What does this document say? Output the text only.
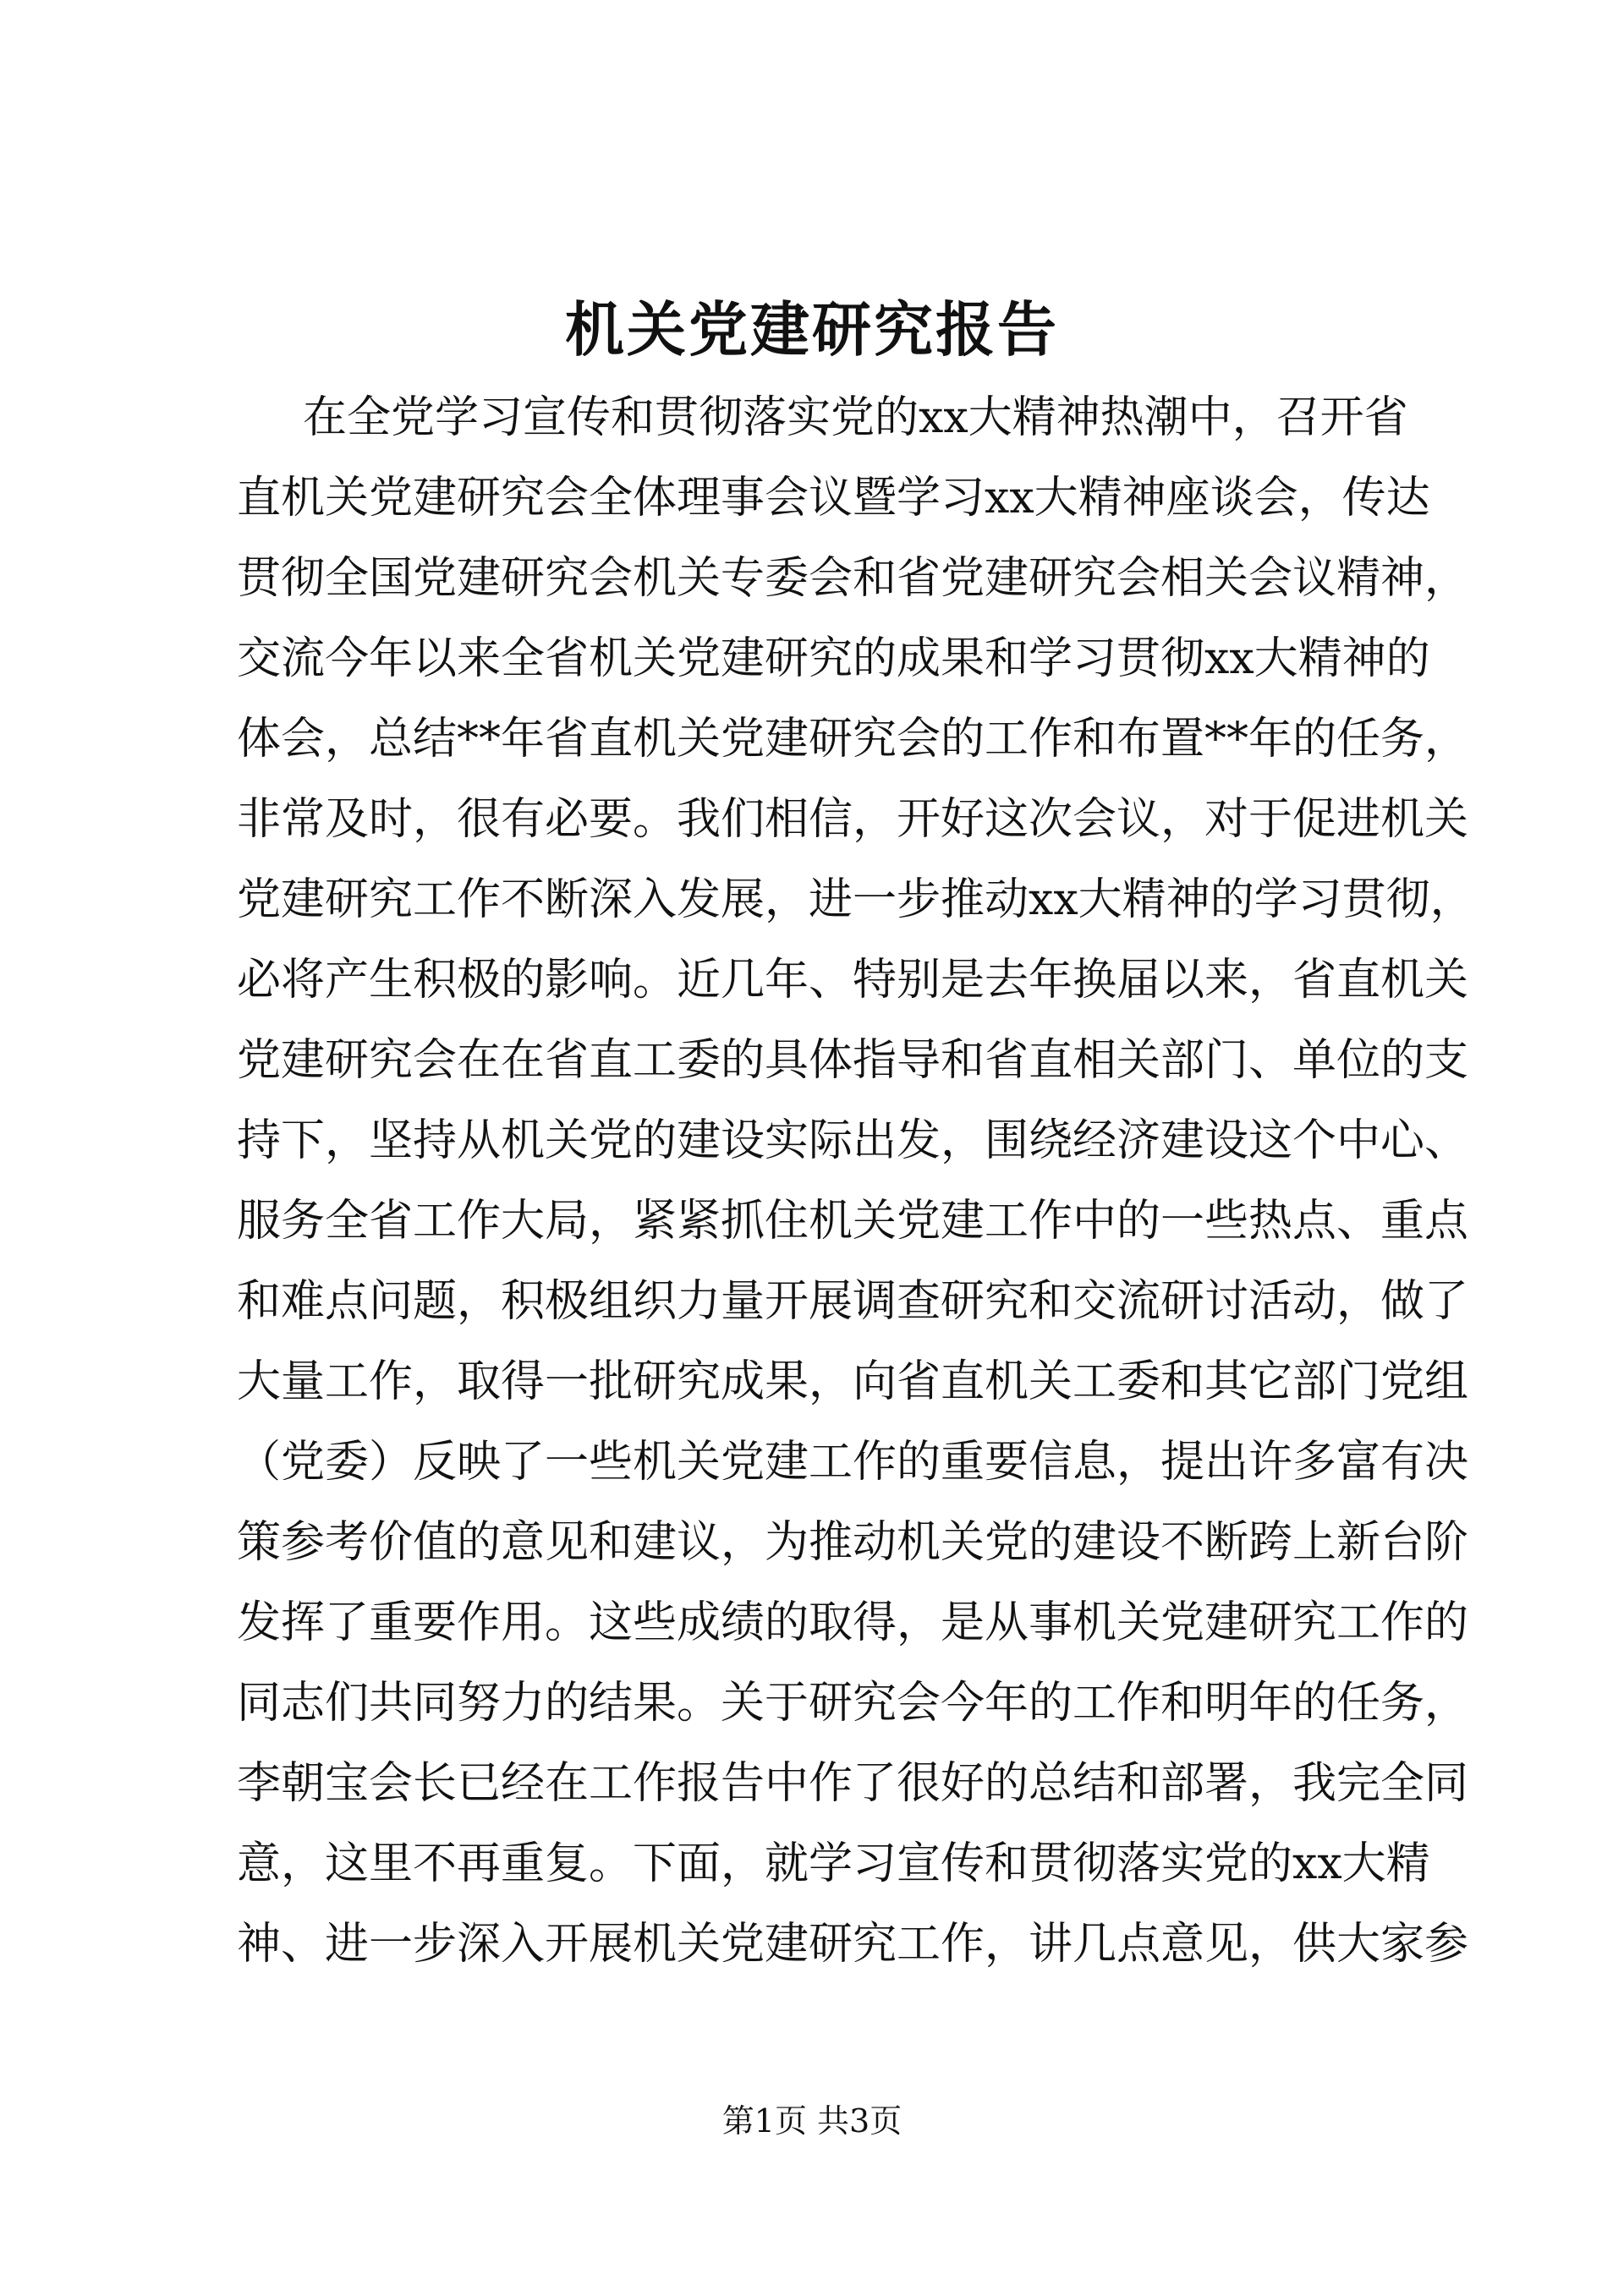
机关党建研究报告
在全党学习宣传和贯彻落实党的xx大精神热潮中，召开省
直机关党建研究会全体理事会议暨学习xx大精神座谈会，传达
贯彻全国党建研究会机关专委会和省党建研究会相关会议精神，
交流今年以来全省机关党建研究的成果和学习贯彻xx大精神的
体会，总结**年省直机关党建研究会的工作和布置**年的任务，
非常及时，很有必要。我们相信，开好这次会议，对于促进机关
党建研究工作不断深入发展，进一步推动xx大精神的学习贯彻，
必将产生积极的影响。近几年、特别是去年换届以来，省直机关
党建研究会在在省直工委的具体指导和省直相关部门、单位的支
持下，坚持从机关党的建设实际出发，围绕经济建设这个中心、
服务全省工作大局，紧紧抓住机关党建工作中的一些热点、重点
和难点问题，积极组织力量开展调查研究和交流研讨活动，做了
大量工作，取得一批研究成果，向省直机关工委和其它部门党组
（党委）反映了一些机关党建工作的重要信息，提出许多富有决
策参考价值的意见和建议，为推动机关党的建设不断跨上新台阶
发挥了重要作用。这些成绩的取得，是从事机关党建研究工作的
同志们共同努力的结果。关于研究会今年的工作和明年的任务，
李朝宝会长已经在工作报告中作了很好的总结和部署，我完全同
意，这里不再重复。下面，就学习宣传和贯彻落实党的xx大精
神、进一步深入开展机关党建研究工作，讲几点意见，供大家参
第1页 共3页
